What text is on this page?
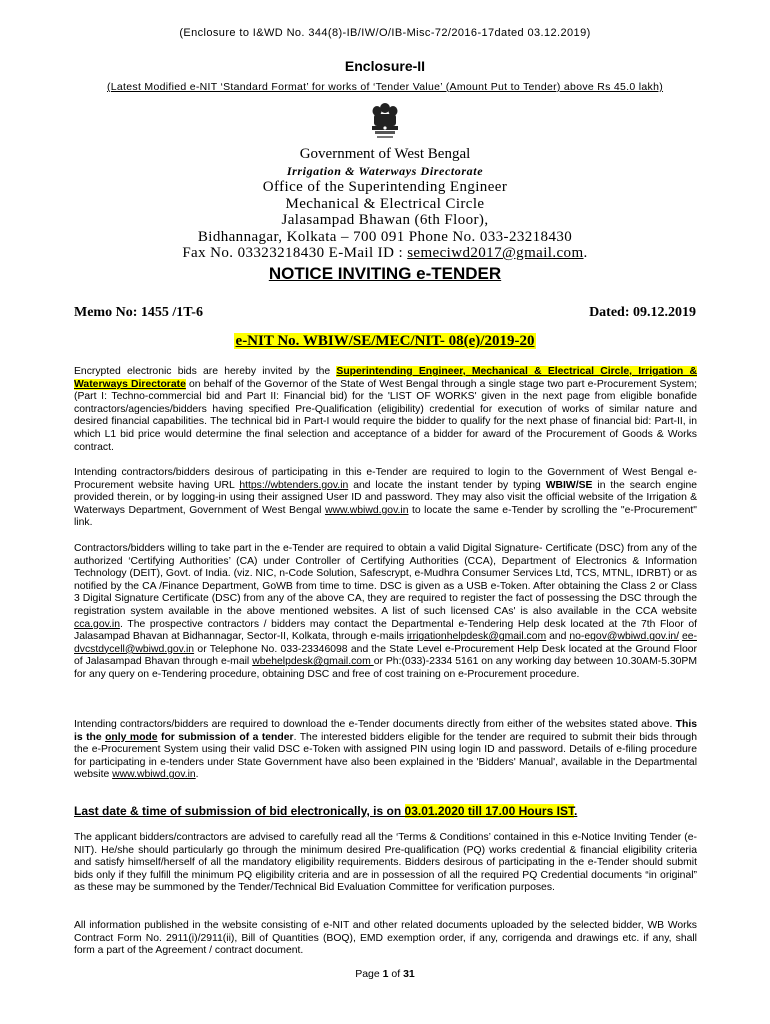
(Enclosure to I&WD No. 344(8)-IB/IW/O/IB-Misc-72/2016-17dated 03.12.2019)
Enclosure-II
(Latest Modified e-NIT ‘Standard Format’ for works of ‘Tender Value’ (Amount Put to Tender) above Rs 45.0 lakh)
Government of West Bengal
Irrigation & Waterways Directorate
Office of the Superintending Engineer
Mechanical & Electrical Circle
Jalasampad Bhawan (6th Floor),
Bidhannagar, Kolkata – 700 091 Phone No. 033-23218430
Fax No. 03323218430 E-Mail ID : semeciwd2017@gmail.com.
NOTICE INVITING e-TENDER
Memo No: 1455 /1T-6	Dated: 09.12.2019
e-NIT No. WBIW/SE/MEC/NIT- 08(e)/2019-20
Encrypted electronic bids are hereby invited by the Superintending Engineer, Mechanical & Electrical Circle, Irrigation & Waterways Directorate on behalf of the Governor of the State of West Bengal through a single stage two part e-Procurement System; (Part I: Techno-commercial bid and Part II: Financial bid) for the 'LIST OF WORKS' given in the next page from eligible bonafide contractors/agencies/bidders having specified Pre-Qualification (eligibility) credential for execution of works of similar nature and desired financial capabilities. The technical bid in Part-I would require the bidder to qualify for the next phase of financial bid: Part-II, in which L1 bid price would determine the final selection and acceptance of a bidder for award of the Procurement of Goods & Works contract.
Intending contractors/bidders desirous of participating in this e-Tender are required to login to the Government of West Bengal e-Procurement website having URL https://wbtenders.gov.in and locate the instant tender by typing WBIW/SE in the search engine provided therein, or by logging-in using their assigned User ID and password. They may also visit the official website of the Irrigation & Waterways Department, Government of West Bengal www.wbiwd.gov.in to locate the same e-Tender by scrolling the "e-Procurement" link.
Contractors/bidders willing to take part in the e-Tender are required to obtain a valid Digital Signature- Certificate (DSC) from any of the authorized ‘Certifying Authorities’ (CA) under Controller of Certifying Authorities (CCA), Department of Electronics & Information Technology (DEIT), Govt. of India. (viz. NIC, n-Code Solution, Safescrypt, e-Mudhra Consumer Services Ltd, TCS, MTNL, IDRBT) or as notified by the CA /Finance Department, GoWB from time to time. DSC is given as a USB e-Token. After obtaining the Class 2 or Class 3 Digital Signature Certificate (DSC) from any of the above CA, they are required to register the fact of possessing the DSC through the registration system available in the above mentioned websites. A list of such licensed CAs' is also available in the CCA website cca.gov.in. The prospective contractors / bidders may contact the Departmental e-Tendering Help desk located at the 7th Floor of Jalasampad Bhavan at Bidhannagar, Sector-II, Kolkata, through e-mails irrigationhelpdesk@gmail.com and no-egov@wbiwd.gov.in/ ee-dvcstdycell@wbiwd.gov.in or Telephone No. 033-23346098 and the State Level e-Procurement Help Desk located at the Ground Floor of Jalasampad Bhavan through e-mail wbehelpdesk@gmail.com or Ph:(033)-2334 5161 on any working day between 10.30AM-5.30PM for any query on e-Tendering procedure, obtaining DSC and free of cost training on e-Procurement procedure.
Intending contractors/bidders are required to download the e-Tender documents directly from either of the websites stated above. This is the only mode for submission of a tender. The interested bidders eligible for the tender are required to submit their bids through the e-Procurement System using their valid DSC e-Token with assigned PIN using login ID and password. Details of e-filing procedure for participating in e-tenders under State Government have also been explained in the 'Bidders' Manual', available in the Departmental website www.wbiwd.gov.in.
Last date & time of submission of bid electronically, is on 03.01.2020 till 17.00 Hours IST.
The applicant bidders/contractors are advised to carefully read all the ‘Terms & Conditions’ contained in this e-Notice Inviting Tender (e-NIT). He/she should particularly go through the minimum desired Pre-qualification (PQ) works credential & financial eligibility criteria and satisfy himself/herself of all the mandatory eligibility requirements. Bidders desirous of participating in the e-Tender should submit bids only if they fulfill the minimum PQ eligibility criteria and are in possession of all the required PQ Credential documents “in original” as these may be summoned by the Tender/Technical Bid Evaluation Committee for verification purposes.
All information published in the website consisting of e-NIT and other related documents uploaded by the selected bidder, WB Works Contract Form No. 2911(i)/2911(ii), Bill of Quantities (BOQ), EMD exemption order, if any, corrigenda and drawings etc. if any, shall form a part of the Agreement / contract document.
Page 1 of 31
